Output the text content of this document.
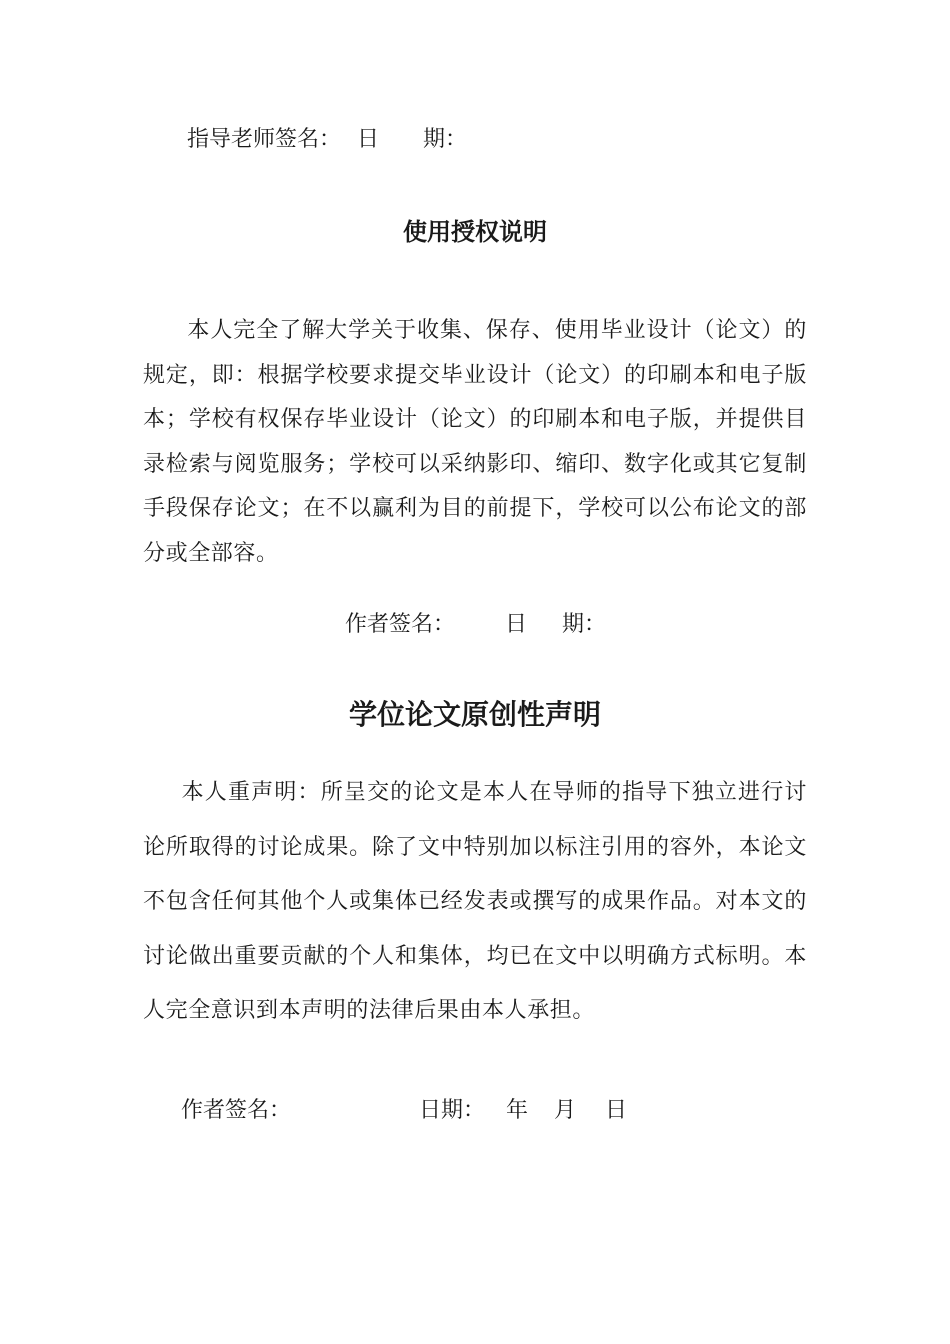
指导老师签名： 日 期：
使用授权说明
本人完全了解大学关于收集、保存、使用毕业设计（论文）的规定，即：根据学校要求提交毕业设计（论文）的印刷本和电子版本；学校有权保存毕业设计（论文）的印刷本和电子版，并提供目录检索与阅览服务；学校可以采纳影印、缩印、数字化或其它复制手段保存论文；在不以赢利为目的前提下，学校可以公布论文的部分或全部容。
作者签名： 日 期：
学位论文原创性声明
本人重声明：所呈交的论文是本人在导师的指导下独立进行讨论所取得的讨论成果。除了文中特别加以标注引用的容外，本论文不包含任何其他个人或集体已经发表或撰写的成果作品。对本文的讨论做出重要贡献的个人和集体，均已在文中以明确方式标明。本人完全意识到本声明的法律后果由本人承担。
作者签名：	日期： 年 月 日
